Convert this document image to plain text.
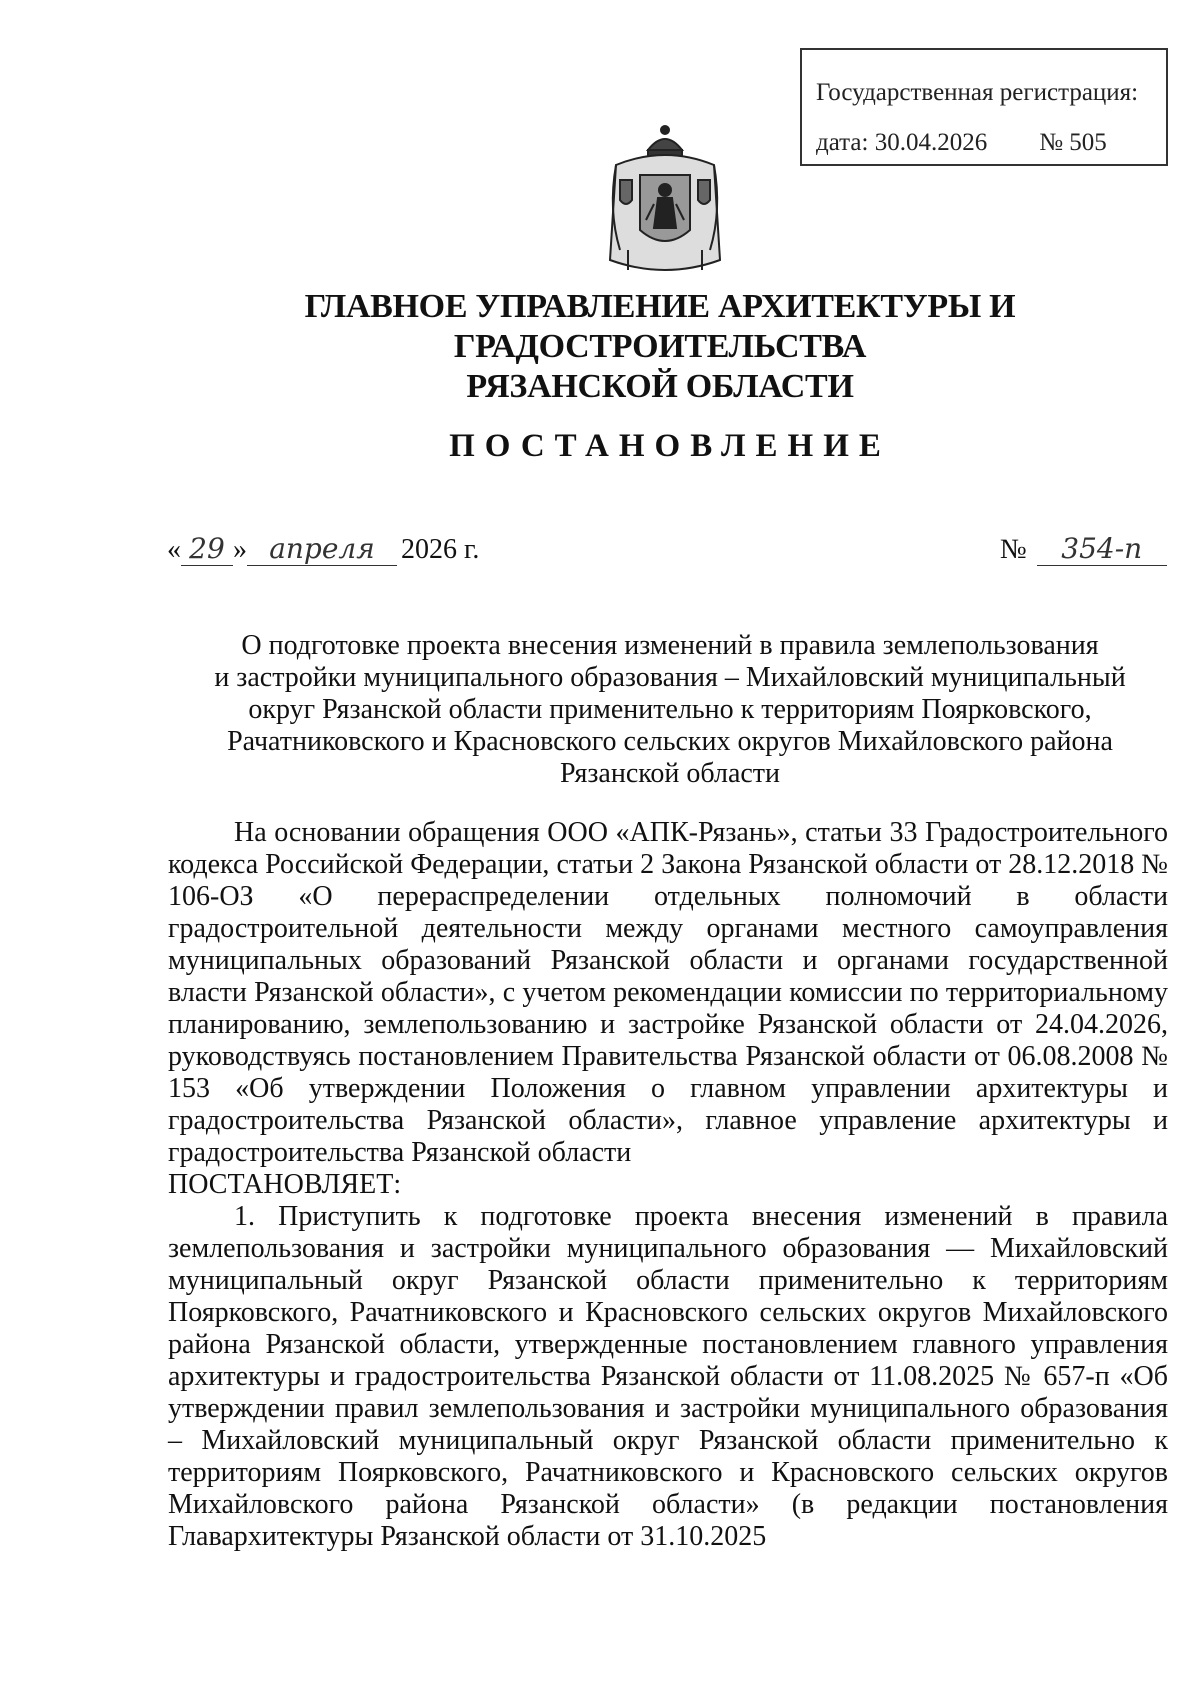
Государственная регистрация:
дата: 30.04.2026 № 505
ГЛАВНОЕ УПРАВЛЕНИЕ АРХИТЕКТУРЫ И ГРАДОСТРОИТЕЛЬСТВА
РЯЗАНСКОЙ ОБЛАСТИ
ПОСТАНОВЛЕНИЕ
« 29 » апреля 2026 г.	№	354-п
О подготовке проекта внесения изменений в правила землепользования
и застройки муниципального образования – Михайловский муниципальный
округ Рязанской области применительно к территориям Поярковского,
Рачатниковского и Красновского сельских округов Михайловского района
Рязанской области

На основании обращения ООО «АПК-Рязань», статьи 33 Градостроительного кодекса Российской Федерации, статьи 2 Закона Рязанской области от 28.12.2018 № 106-ОЗ «О перераспределении отдельных полномочий в области градостроительной деятельности между органами местного самоуправления муниципальных образований Рязанской области и органами государственной власти Рязанской области», с учетом рекомендации комиссии по территориальному планированию, землепользованию и застройке Рязанской области от 24.04.2026, руководствуясь постановлением Правительства Рязанской области от 06.08.2008 № 153 «Об утверждении Положения о главном управлении архитектуры и градостроительства Рязанской области», главное управление архитектуры и градостроительства Рязанской области
ПОСТАНОВЛЯЕТ:

1. Приступить к подготовке проекта внесения изменений в правила землепользования и застройки муниципального образования — Михайловский муниципальный округ Рязанской области применительно к территориям Поярковского, Рачатниковского и Красновского сельских округов Михайловского района Рязанской области, утвержденные постановлением главного управления архитектуры и градостроительства Рязанской области от 11.08.2025 № 657-п «Об утверждении правил землепользования и застройки муниципального образования – Михайловский муниципальный округ Рязанской области применительно к территориям Поярковского, Рачатниковского и Красновского сельских округов Михайловского района Рязанской области» (в редакции постановления Главархитектуры Рязанской области от 31.10.2025
